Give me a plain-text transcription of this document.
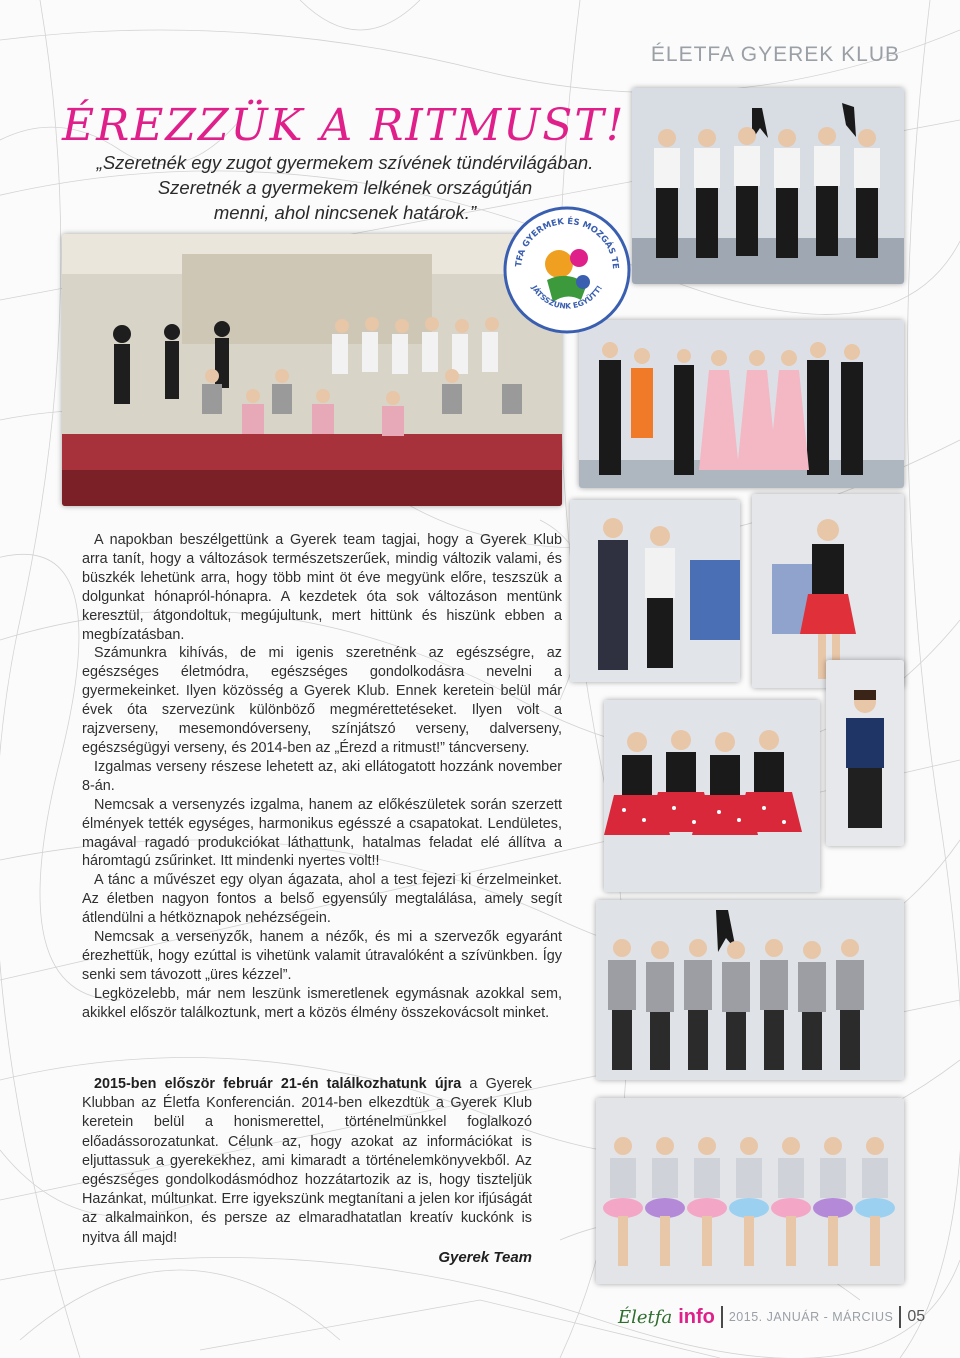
ÉLETFA GYEREK KLUB
ÉREZZÜK A RITMUST!
„Szeretnék egy zugot gyermekem szívének tündérvilágában.
Szeretnék a gyermekem lelkének országútján
menni, ahol nincsenek határok.”
TFA GYERMEK ÉS MOZGÁS TE
JÁTSSZUNK EGYÜTT!

A napokban beszélgettünk a Gyerek team tagjai, hogy a Gyerek Klub arra tanít, hogy a változások természetszerűek, mindig változik valami, és büszkék lehetünk arra, hogy több mint öt éve megyünk előre, teszszük a dolgunkat hónapról-hónapra. A kezdetek óta sok változáson mentünk keresztül, átgondoltuk, megújultunk, mert hittünk és hiszünk ebben a megbízatásban.

Számunkra kihívás, de mi igenis szeretnénk az egészségre, az egészséges életmódra, egészséges gondolkodásra nevelni a gyermekeinket. Ilyen közösség a Gyerek Klub. Ennek keretein belül már évek óta szervezünk különböző megmérettetéseket. Ilyen volt a rajzverseny, mesemondóverseny, színjátszó verseny, dalverseny, egészségügyi verseny, és 2014-ben az „Érezd a ritmust!” táncverseny.

Izgalmas verseny részese lehetett az, aki ellátogatott hozzánk november 8-án.

Nemcsak a versenyzés izgalma, hanem az előkészületek során szerzett élmények tették egységes, harmonikus egésszé a csapatokat. Lendületes, magával ragadó produkciókat láthattunk, hatalmas feladat elé állítva a háromtagú zsűrinket. Itt mindenki nyertes volt!!

A tánc a művészet egy olyan ágazata, ahol a test fejezi ki érzelmeinket. Az életben nagyon fontos a belső egyensúly megtalálása, amely segít átlendülni a hétköznapok nehézségein.

Nemcsak a versenyzők, hanem a nézők, és mi a szervezők egyaránt érezhettük, hogy ezúttal is vihetünk valamit útravalóként a szívünkben. Így senki sem távozott „üres kézzel”.

Legközelebb, már nem leszünk ismeretlenek egymásnak azokkal sem, akikkel először találkoztunk, mert a közös élmény összekovácsolt minket.

2015-ben először február 21-én találkozhatunk újra a Gyerek Klubban az Életfa Konferencián. 2014-ben elkezdtük a Gyerek Klub keretein belül a honismerettel, történelmünkkel foglalkozó előadássorozatunkat. Célunk az, hogy azokat az információkat is eljuttassuk a gyerekekhez, ami kimaradt a történelemkönyvekből. Az egészséges gondolkodásmódhoz hozzátartozik az is, hogy tiszteljük Hazánkat, múltunkat. Erre igyekszünk megtanítani a jelen kor ifjúságát az alkalmainkon, és persze az elmaradhatatlan kreatív kuckónk is nyitva áll majd!

Gyerek Team
Életfa info 2015. JANUÁR - MÁRCIUS 05
